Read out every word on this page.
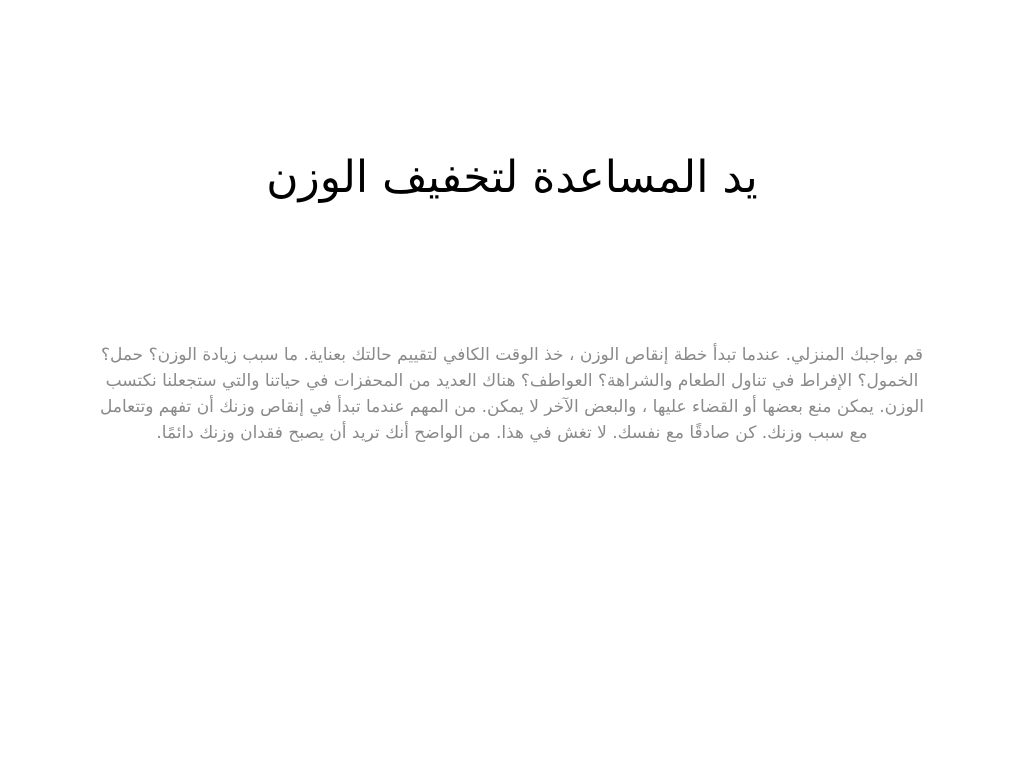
يد المساعدة لتخفيف الوزن

قم بواجبك المنزلي. عندما تبدأ خطة إنقاص الوزن ، خذ الوقت الكافي لتقييم حالتك بعناية. ما سبب زيادة الوزن؟ حمل؟ الخمول؟ الإفراط في تناول الطعام والشراهة؟ العواطف؟ هناك العديد من المحفزات في حياتنا والتي ستجعلنا نكتسب الوزن. يمكن منع بعضها أو القضاء عليها ، والبعض الآخر لا يمكن. من المهم عندما تبدأ في إنقاص وزنك أن تفهم وتتعامل مع سبب وزنك. كن صادقًا مع نفسك. لا تغش في هذا. من الواضح أنك تريد أن يصبح فقدان وزنك دائمًا.
